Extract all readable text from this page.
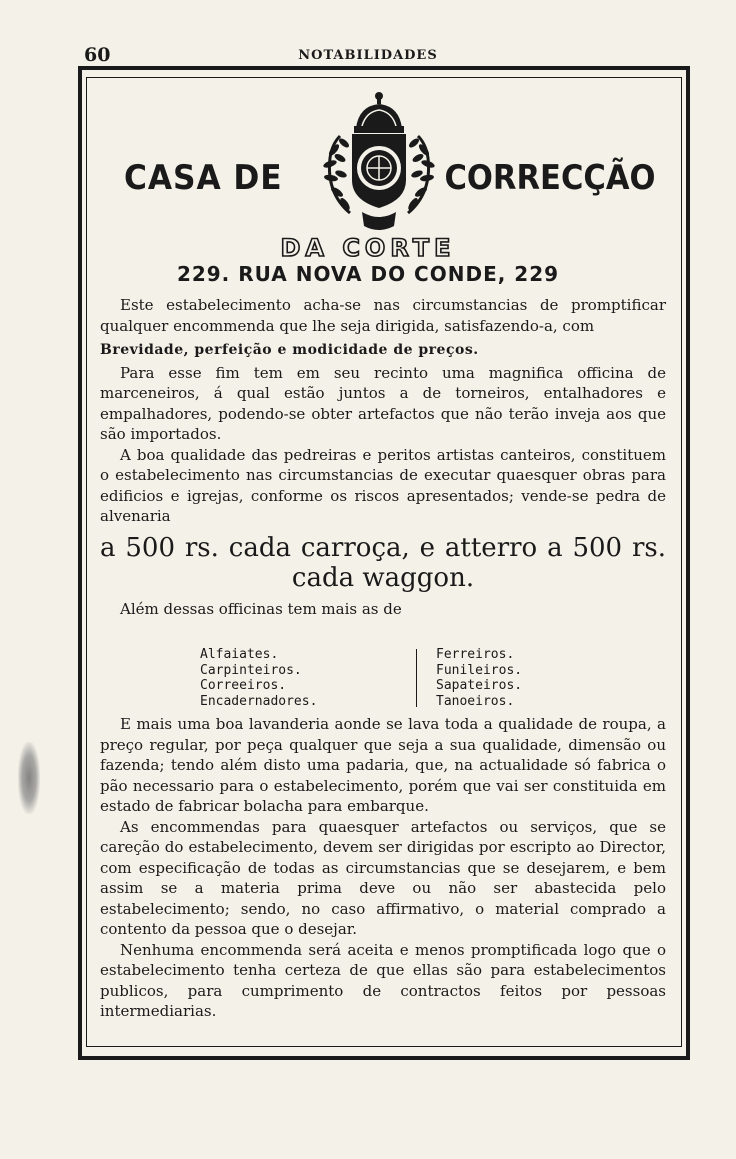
60	NOTABILIDADES
CASA DE	CORRECÇÃO
DA CORTE
229. RUA NOVA DO CONDE, 229

Este estabelecimento acha-se nas circumstancias de promptificar qualquer encommenda que lhe seja dirigida, satisfazendo-a, com

Brevidade, perfeição e modicidade de preços.

Para esse fim tem em seu recinto uma magnifica officina de marceneiros, á qual estão juntos a de torneiros, entalhadores e empalhadores, podendo-se obter artefactos que não terão inveja aos que são importados.

A boa qualidade das pedreiras e peritos artistas canteiros, constituem o estabelecimento nas circumstancias de executar quaesquer obras para edificios e igrejas, conforme os riscos apresentados; vende-se pedra de alvenaria

a 500 rs. cada carroça, e atterro a 500 rs.

cada waggon.

Além dessas officinas tem mais as de

Alfaiates.
Carpinteiros.
Correeiros.
Encadernadores.
Ferreiros.
Funileiros.
Sapateiros.
Tanoeiros.

E mais uma boa lavanderia aonde se lava toda a qualidade de roupa, a preço regular, por peça qualquer que seja a sua qualidade, dimensão ou fazenda; tendo além disto uma padaria, que, na actualidade só fabrica o pão necessario para o estabelecimento, porém que vai ser constituida em estado de fabricar bolacha para embarque.

As encommendas para quaesquer artefactos ou serviços, que se careção do estabelecimento, devem ser dirigidas por escripto ao Director, com especificação de todas as circumstancias que se desejarem, e bem assim se a materia prima deve ou não ser abastecida pelo estabelecimento; sendo, no caso affirmativo, o material comprado a contento da pessoa que o desejar.

Nenhuma encommenda será aceita e menos promptificada logo que o estabelecimento tenha certeza de que ellas são para estabelecimentos publicos, para cumprimento de contractos feitos por pessoas intermediarias.
